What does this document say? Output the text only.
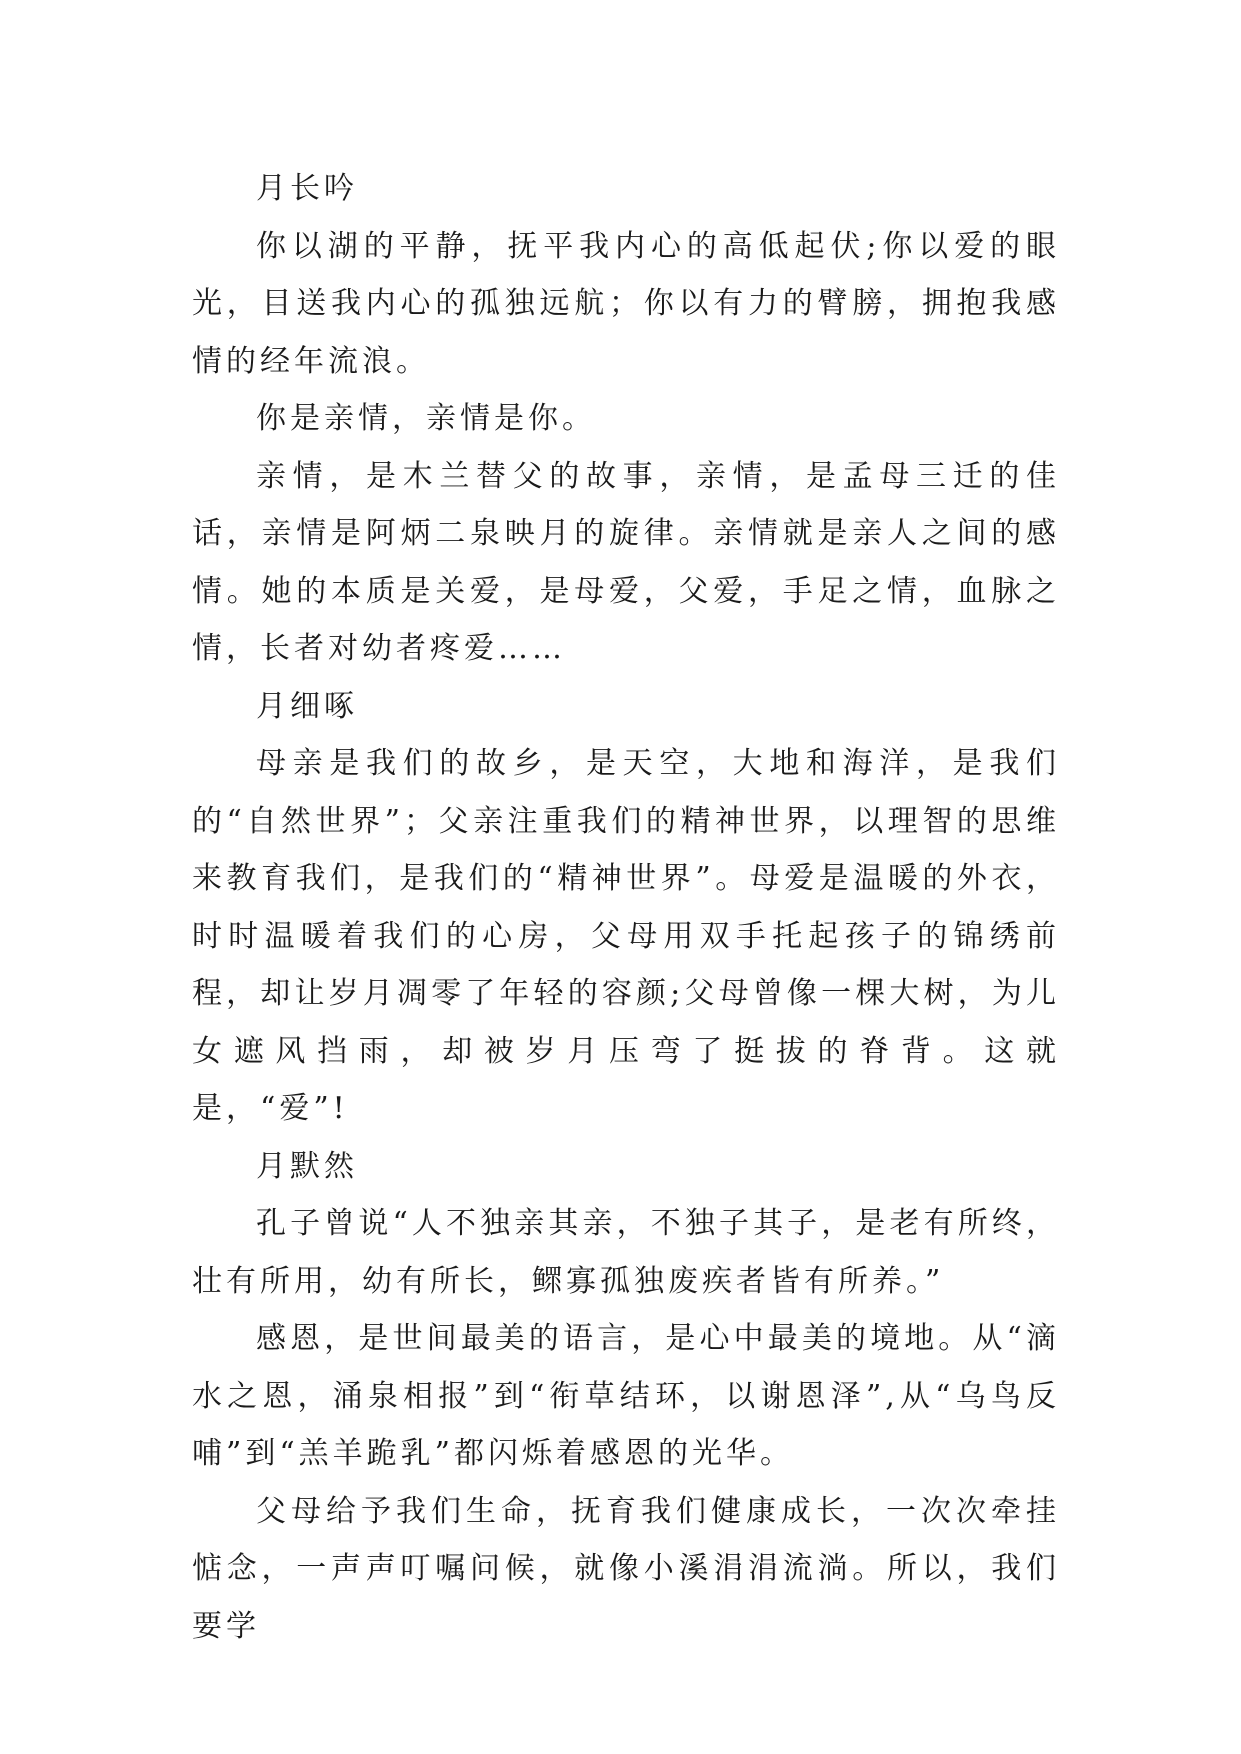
月长吟

你以湖的平静，抚平我内心的高低起伏;你以爱的眼光，目送我内心的孤独远航；你以有力的臂膀，拥抱我感情的经年流浪。

你是亲情，亲情是你。

亲情，是木兰替父的故事，亲情，是孟母三迁的佳话，亲情是阿炳二泉映月的旋律。亲情就是亲人之间的感情。她的本质是关爱，是母爱，父爱，手足之情，血脉之情，长者对幼者疼爱……

月细啄

母亲是我们的故乡，是天空，大地和海洋，是我们的“自然世界”；父亲注重我们的精神世界，以理智的思维来教育我们，是我们的“精神世界”。母爱是温暖的外衣，时时温暖着我们的心房，父母用双手托起孩子的锦绣前程，却让岁月凋零了年轻的容颜;父母曾像一棵大树，为儿女遮风挡雨，却被岁月压弯了挺拔的脊背。这就是，“爱”!

月默然

孔子曾说“人不独亲其亲，不独子其子，是老有所终，壮有所用，幼有所长，鳏寡孤独废疾者皆有所养。”

感恩，是世间最美的语言，是心中最美的境地。从“滴水之恩，涌泉相报”到“衔草结环，以谢恩泽”,从“乌鸟反哺”到“羔羊跪乳”都闪烁着感恩的光华。

父母给予我们生命，抚育我们健康成长，一次次牵挂惦念，一声声叮嘱问候，就像小溪涓涓流淌。所以，我们要学
